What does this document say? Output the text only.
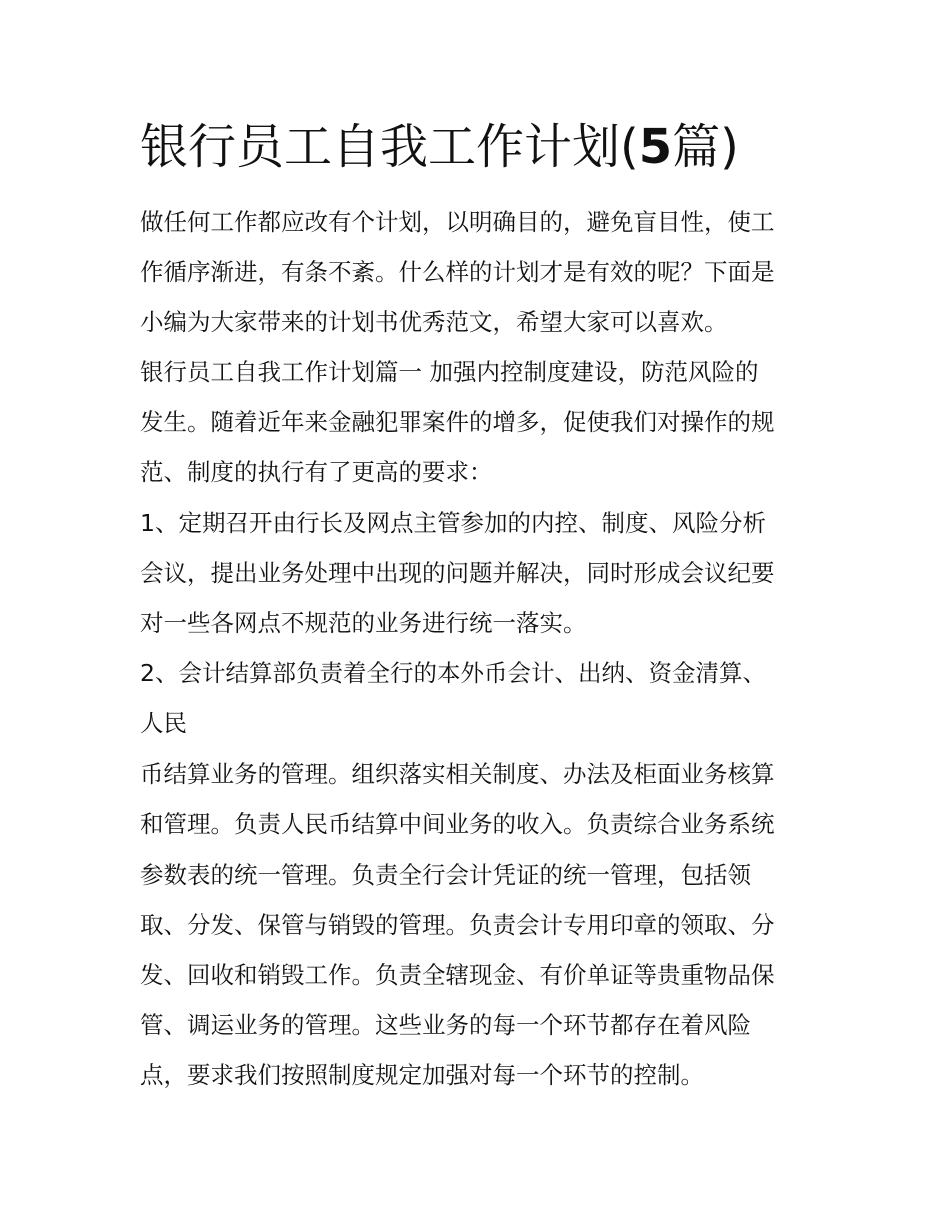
银行员工自我工作计划(5篇)

做任何工作都应改有个计划，以明确目的，避免盲目性，使工

作循序渐进，有条不紊。什么样的计划才是有效的呢？下面是

小编为大家带来的计划书优秀范文，希望大家可以喜欢。

银行员工自我工作计划篇一 加强内控制度建设，防范风险的

发生。随着近年来金融犯罪案件的增多，促使我们对操作的规

范、制度的执行有了更高的要求：

1、定期召开由行长及网点主管参加的内控、制度、风险分析

会议，提出业务处理中出现的问题并解决，同时形成会议纪要

对一些各网点不规范的业务进行统一落实。

2、会计结算部负责着全行的本外币会计、出纳、资金清算、

人民

币结算业务的管理。组织落实相关制度、办法及柜面业务核算

和管理。负责人民币结算中间业务的收入。负责综合业务系统

参数表的统一管理。负责全行会计凭证的统一管理，包括领

取、分发、保管与销毁的管理。负责会计专用印章的领取、分

发、回收和销毁工作。负责全辖现金、有价单证等贵重物品保

管、调运业务的管理。这些业务的每一个环节都存在着风险

点，要求我们按照制度规定加强对每一个环节的控制。
